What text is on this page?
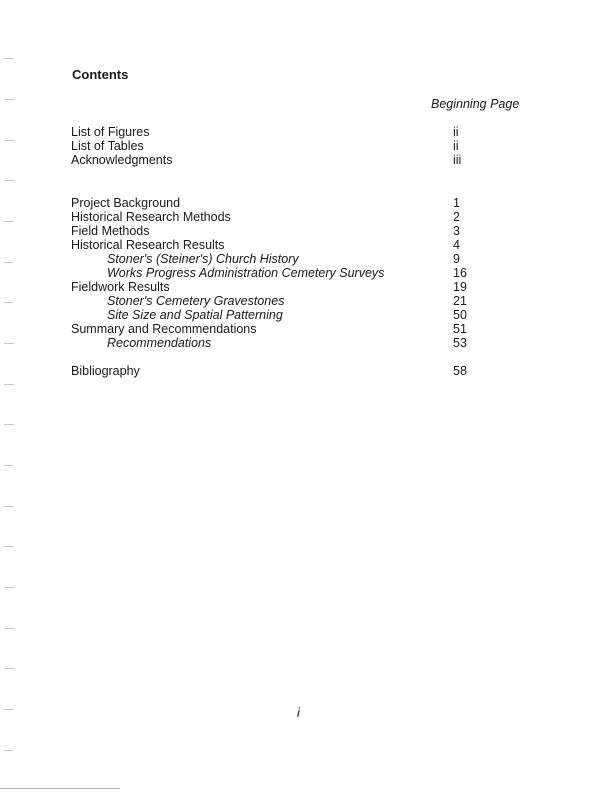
Contents
Beginning Page
List of Figures	ii
List of Tables	ii
Acknowledgments	iii
Project Background	1
Historical Research Methods	2
Field Methods	3
Historical Research Results	4
Stoner's (Steiner's) Church History	9
Works Progress Administration Cemetery Surveys	16
Fieldwork Results	19
Stoner's Cemetery Gravestones	21
Site Size and Spatial Patterning	50
Summary and Recommendations	51
Recommendations	53
Bibliography	58
i
